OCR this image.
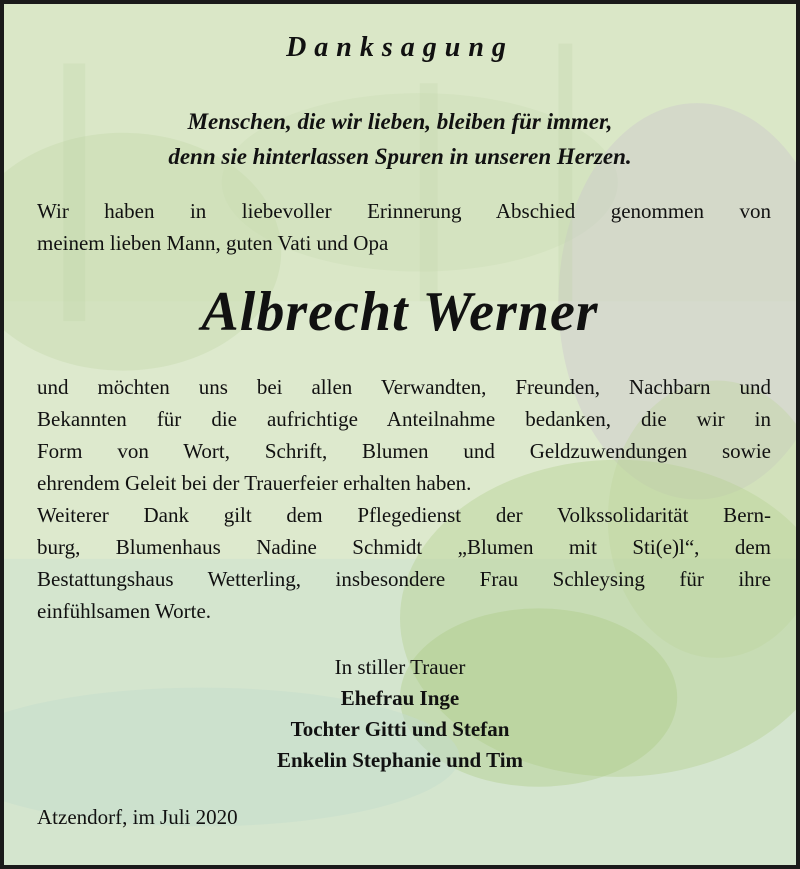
Danksagung
Menschen, die wir lieben, bleiben für immer,
denn sie hinterlassen Spuren in unseren Herzen.
Wir haben in liebevoller Erinnerung Abschied genommen von
meinem lieben Mann, guten Vati und Opa
Albrecht Werner
und möchten uns bei allen Verwandten, Freunden, Nachbarn und
Bekannten für die aufrichtige Anteilnahme bedanken, die wir in
Form von Wort, Schrift, Blumen und Geldzuwendungen sowie
ehrendem Geleit bei der Trauerfeier erhalten haben.
Weiterer Dank gilt dem Pflegedienst der Volkssolidarität Bern-
burg, Blumenhaus Nadine Schmidt „Blumen mit Sti(e)l“, dem
Bestattungshaus Wetterling, insbesondere Frau Schleysing für ihre
einfühlsamen Worte.
In stiller Trauer
Ehefrau Inge
Tochter Gitti und Stefan
Enkelin Stephanie und Tim
Atzendorf, im Juli 2020
